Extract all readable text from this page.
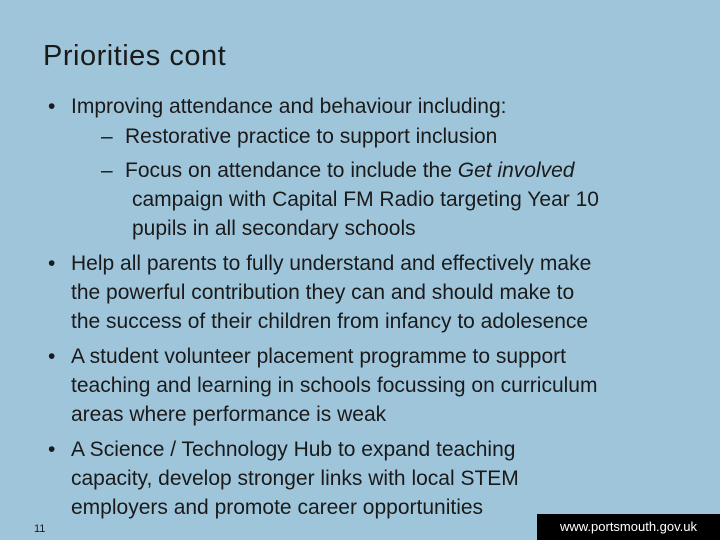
Priorities cont
• Improving attendance and behaviour including:
– Restorative practice to support inclusion
– Focus on attendance to include the Get involved
campaign with Capital FM Radio targeting Year 10
pupils in all secondary schools
• Help all parents to fully understand and effectively make
the powerful contribution they can and should make to
the success of their children from infancy to adolesence
• A student volunteer placement programme to support
teaching and learning in schools focussing on curriculum
areas where performance is weak
• A Science / Technology Hub to expand teaching
capacity, develop stronger links with local STEM
employers and promote career opportunities
11	www.portsmouth.gov.uk
